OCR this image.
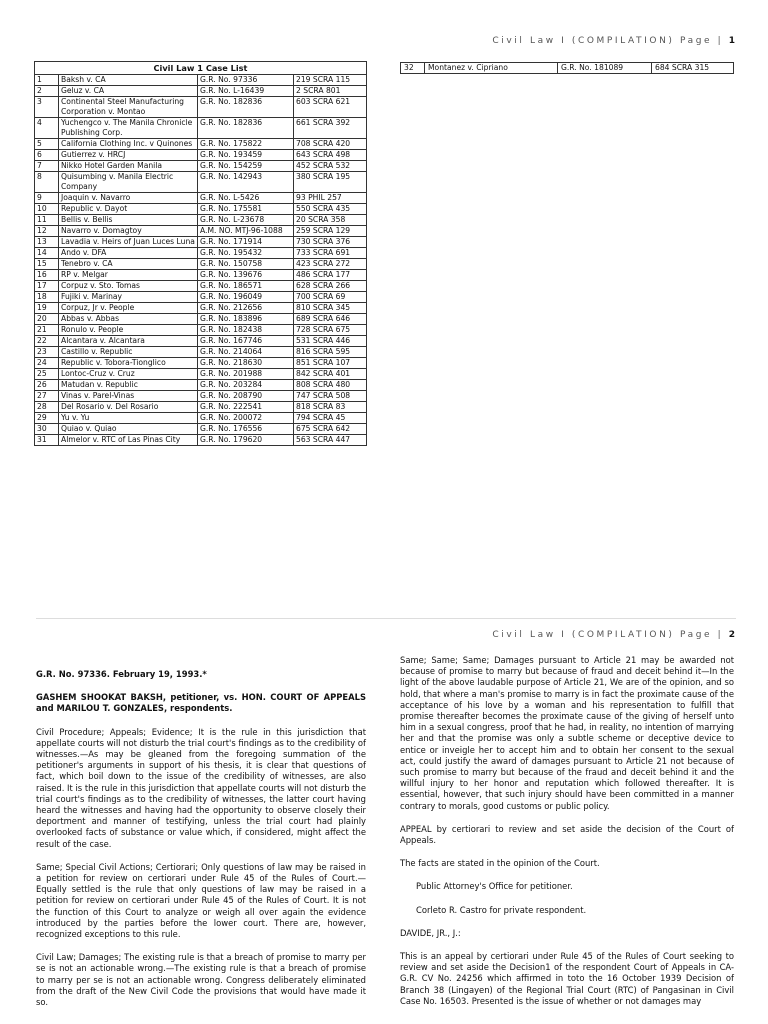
Civil Law I (COMPILATION) Page | 1
Civil Law 1 Case List			
1	Baksh v. CA	G.R. No. 97336	219 SCRA 115
2	Geluz v. CA	G.R. No. L-16439	2 SCRA 801
3	Continental Steel Manufacturing Corporation v. Montao	G.R. No. 182836	603 SCRA 621
4	Yuchengco v. The Manila Chronicle Publishing Corp.	G.R. No. 182836	661 SCRA 392
5	California Clothing Inc. v Quinones	G.R. No. 175822	708 SCRA 420
6	Gutierrez v. HRCJ	G.R. No. 193459	643 SCRA 498
7	Nikko Hotel Garden Manila	G.R. No. 154259	452 SCRA 532
8	Quisumbing v. Manila Electric Company	G.R. No. 142943	380 SCRA 195
9	Joaquin v. Navarro	G.R. No. L-5426	93 PHIL 257
10	Republic v. Dayot	G.R. No. 175581	550 SCRA 435
11	Bellis v. Bellis	G.R. No. L-23678	20 SCRA 358
12	Navarro v. Domagtoy	A.M. NO. MTJ-96-1088	259 SCRA 129
13	Lavadia v. Heirs of Juan Luces Luna	G.R. No. 171914	730 SCRA 376
14	Ando v. DFA	G.R. No. 195432	733 SCRA 691
15	Tenebro v. CA	G.R. No. 150758	423 SCRA 272
16	RP v. Melgar	G.R. No. 139676	486 SCRA 177
17	Corpuz v. Sto. Tomas	G.R. No. 186571	628 SCRA 266
18	Fujiki v. Marinay	G.R. No. 196049	700 SCRA 69
19	Corpuz, Jr v. People	G.R. No. 212656	810 SCRA 345
20	Abbas v. Abbas	G.R. No. 183896	689 SCRA 646
21	Ronulo v. People	G.R. No. 182438	728 SCRA 675
22	Alcantara v. Alcantara	G.R. No. 167746	531 SCRA 446
23	Castillo v. Republic	G.R. No. 214064	816 SCRA 595
24	Republic v. Tobora-Tionglico	G.R. No. 218630	851 SCRA 107
25	Lontoc-Cruz v. Cruz	G.R. No. 201988	842 SCRA 401
26	Matudan v. Republic	G.R. No. 203284	808 SCRA 480
27	Vinas v. Parel-Vinas	G.R. No. 208790	747 SCRA 508
28	Del Rosario v. Del Rosario	G.R. No. 222541	818 SCRA 83
29	Yu v. Yu	G.R. No. 200072	794 SCRA 45
30	Quiao v. Quiao	G.R. No. 176556	675 SCRA 642
31	Almelor v. RTC of Las Pinas City	G.R. No. 179620	563 SCRA 447
32	Montanez v. Cipriano	G.R. No. 181089	684 SCRA 315
Civil Law I (COMPILATION) Page | 2

G.R. No. 97336. February 19, 1993.*

GASHEM SHOOKAT BAKSH, petitioner, vs. HON. COURT OF APPEALS and MARILOU T. GONZALES, respondents.

Civil Procedure; Appeals; Evidence; It is the rule in this jurisdiction that appellate courts will not disturb the trial court's findings as to the credibility of witnesses.—As may be gleaned from the foregoing summation of the petitioner's arguments in support of his thesis, it is clear that questions of fact, which boil down to the issue of the credibility of witnesses, are also raised. It is the rule in this jurisdiction that appellate courts will not disturb the trial court's findings as to the credibility of witnesses, the latter court having heard the witnesses and having had the opportunity to observe closely their deportment and manner of testifying, unless the trial court had plainly overlooked facts of substance or value which, if considered, might affect the result of the case.

Same; Special Civil Actions; Certiorari; Only questions of law may be raised in a petition for review on certiorari under Rule 45 of the Rules of Court.—Equally settled is the rule that only questions of law may be raised in a petition for review on certiorari under Rule 45 of the Rules of Court. It is not the function of this Court to analyze or weigh all over again the evidence introduced by the parties before the lower court. There are, however, recognized exceptions to this rule.

Civil Law; Damages; The existing rule is that a breach of promise to marry per se is not an actionable wrong.—The existing rule is that a breach of promise to marry per se is not an actionable wrong. Congress deliberately eliminated from the draft of the New Civil Code the provisions that would have made it so.

Same; Same; Same; Damages pursuant to Article 21 may be awarded not because of promise to marry but because of fraud and deceit behind it—In the light of the above laudable purpose of Article 21, We are of the opinion, and so hold, that where a man's promise to marry is in fact the proximate cause of the acceptance of his love by a woman and his representation to fulfill that promise thereafter becomes the proximate cause of the giving of herself unto him in a sexual congress, proof that he had, in reality, no intention of marrying her and that the promise was only a subtle scheme or deceptive device to entice or inveigle her to accept him and to obtain her consent to the sexual act, could justify the award of damages pursuant to Article 21 not because of such promise to marry but because of the fraud and deceit behind it and the willful injury to her honor and reputation which followed thereafter. It is essential, however, that such injury should have been committed in a manner contrary to morals, good customs or public policy.

APPEAL by certiorari to review and set aside the decision of the Court of Appeals.

The facts are stated in the opinion of the Court.

Public Attorney's Office for petitioner.

Corleto R. Castro for private respondent.

DAVIDE, JR., J.:

This is an appeal by certiorari under Rule 45 of the Rules of Court seeking to review and set aside the Decision1 of the respondent Court of Appeals in CA-G.R. CV No. 24256 which affirmed in toto the 16 October 1939 Decision of Branch 38 (Lingayen) of the Regional Trial Court (RTC) of Pangasinan in Civil Case No. 16503. Presented is the issue of whether or not damages may
